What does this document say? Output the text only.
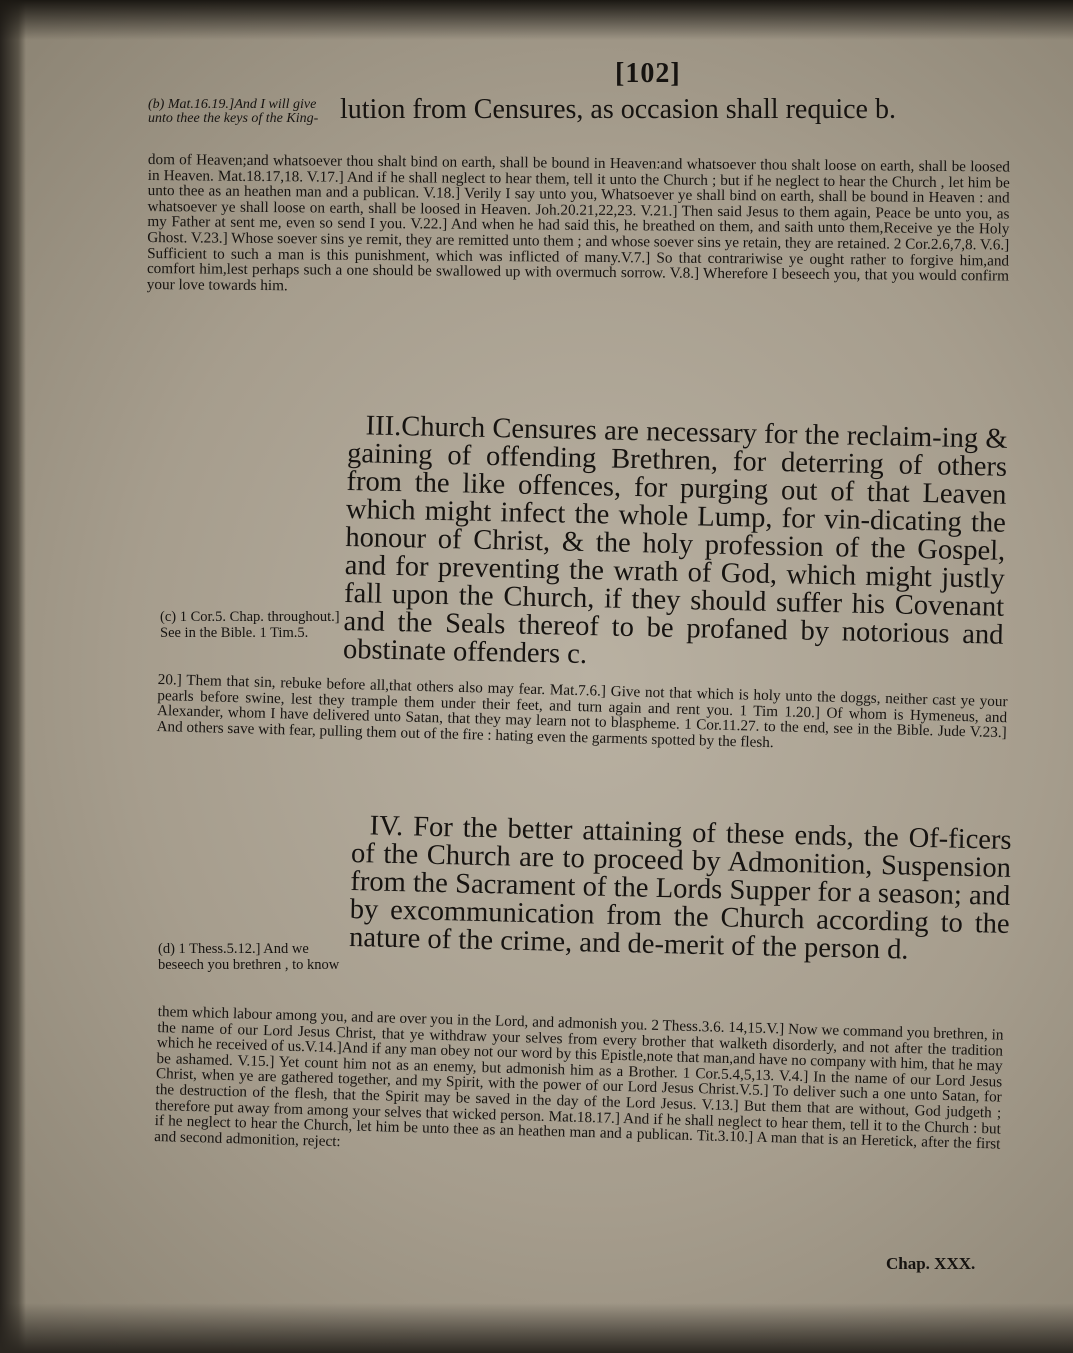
[102]
(b) Mat.16.19.]And I will give unto thee the keys of the King- lution from Censures, as occasion shall requice b.

dom of Heaven;and whatsoever thou shalt bind on earth, shall be bound in Heaven:and whatsoever thou shalt loose on earth, shall be loosed in Heaven. Mat.18.17,18. V.17.] And if he shall neglect to hear them, tell it unto the Church ; but if he neglect to hear the Church , let him be unto thee as an heathen man and a publican. V.18.] Verily I say unto you, Whatsoever ye shall bind on earth, shall be bound in Heaven : and whatsoever ye shall loose on earth, shall be loosed in Heaven. Joh.20.21,22,23. V.21.] Then said Jesus to them again, Peace be unto you, as my Father at sent me, even so send I you. V.22.] And when he had said this, he breathed on them, and saith unto them,Receive ye the Holy Ghost. V.23.] Whose soever sins ye remit, they are remitted unto them ; and whose soever sins ye retain, they are retained. 2 Cor.2.6,7,8. V.6.] Sufficient to such a man is this punishment, which was inflicted of many.V.7.] So that contrariwise ye ought rather to forgive him,and comfort him,lest perhaps such a one should be swallowed up with overmuch sorrow. V.8.] Wherefore I beseech you, that you would confirm your love towards him.

III.Church Censures are necessary for the reclaim-ing & gaining of offending Brethren, for deterring of others from the like offences, for purging out of that Leaven which might infect the whole Lump, for vin-dicating the honour of Christ, & the holy profession of the Gospel, and for preventing the wrath of God, which might justly fall upon the Church, if they should suffer his Covenant and the Seals thereof to be profaned by notorious and obstinate offenders c.

(c) 1 Cor.5. Chap. throughout.] See in the Bible. 1 Tim.5.

20.] Them that sin, rebuke before all,that others also may fear. Mat.7.6.] Give not that which is holy unto the doggs, neither cast ye your pearls before swine, lest they trample them under their feet, and turn again and rent you. 1 Tim 1.20.] Of whom is Hymeneus, and Alexander, whom I have delivered unto Satan, that they may learn not to blaspheme. 1 Cor.11.27. to the end, see in the Bible. Jude V.23.] And others save with fear, pulling them out of the fire : hating even the garments spotted by the flesh.

IV. For the better attaining of these ends, the Of-ficers of the Church are to proceed by Admonition, Suspension from the Sacrament of the Lords Supper for a season; and by excommunication from the Church according to the nature of the crime, and de-merit of the person d.

(d) 1 Thess.5.12.] And we beseech you brethren , to know

them which labour among you, and are over you in the Lord, and admonish you. 2 Thess.3.6. 14,15.V.] Now we command you brethren, in the name of our Lord Jesus Christ, that ye withdraw your selves from every brother that walketh disorderly, and not after the tradition which he received of us.V.14.]And if any man obey not our word by this Epistle,note that man,and have no company with him, that he may be ashamed. V.15.] Yet count him not as an enemy, but admonish him as a Brother. 1 Cor.5.4,5,13. V.4.] In the name of our Lord Jesus Christ, when ye are gathered together, and my Spirit, with the power of our Lord Jesus Christ.V.5.] To deliver such a one unto Satan, for the destruction of the flesh, that the Spirit may be saved in the day of the Lord Jesus. V.13.] But them that are without, God judgeth ; therefore put away from among your selves that wicked person. Mat.18.17.] And if he shall neglect to hear them, tell it to the Church : but if he neglect to hear the Church, let him be unto thee as an heathen man and a publican. Tit.3.10.] A man that is an Heretick, after the first and second admonition, reject:

Chap. XXX.
